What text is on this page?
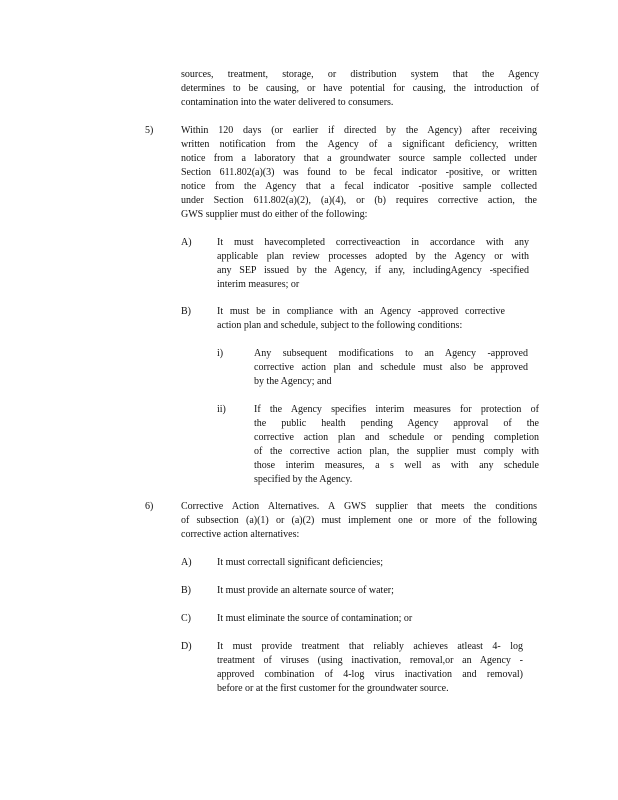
sources, treatment, storage, or distribution system that the Agency
determines to be causing, or have potential for causing, the introduction of
contamination into the water delivered to consumers.
5)	Within 120 days (or earlier if directed by the Agency) after receiving
written notification from the Agency of a significant deficiency, written
notice from a laboratory that a groundwater source sample collected under
Section 611.802(a)(3) was found to be fecal indicator -positive, or written
notice from the Agency that a fecal indicator -positive sample collected
under Section 611.802(a)(2), (a)(4), or (b) requires corrective action, the
GWS supplier must do either of the following:
A)	It must havecompleted correctiveaction in accordance with any
applicable plan review processes adopted by the Agency or with
any SEP issued by the Agency, if any, includingAgency -specified
interim measures; or
B)	It must be in compliance with an Agency -approved corrective
action plan and schedule, subject to the following conditions:
i)	Any subsequent modifications to an Agency -approved
corrective action plan and schedule must also be approved
by the Agency; and
ii)	If the Agency specifies interim measures for protection of
the public health pending Agency approval of the
corrective action plan and schedule or pending completion
of the corrective action plan, the supplier must comply with
those interim measures, a s well as with any schedule
specified by the Agency.
6)	Corrective Action Alternatives. A GWS supplier that meets the conditions
of subsection (a)(1) or (a)(2) must implement one or more of the following
corrective action alternatives:
A)	It must correctall significant deficiencies;
B)	It must provide an alternate source of water;
C)	It must eliminate the source of contamination; or
D)	It must provide treatment that reliably achieves atleast 4- log
treatment of viruses (using inactivation, removal,or an Agency -
approved combination of 4-log virus inactivation and removal)
before or at the first customer for the groundwater source.
